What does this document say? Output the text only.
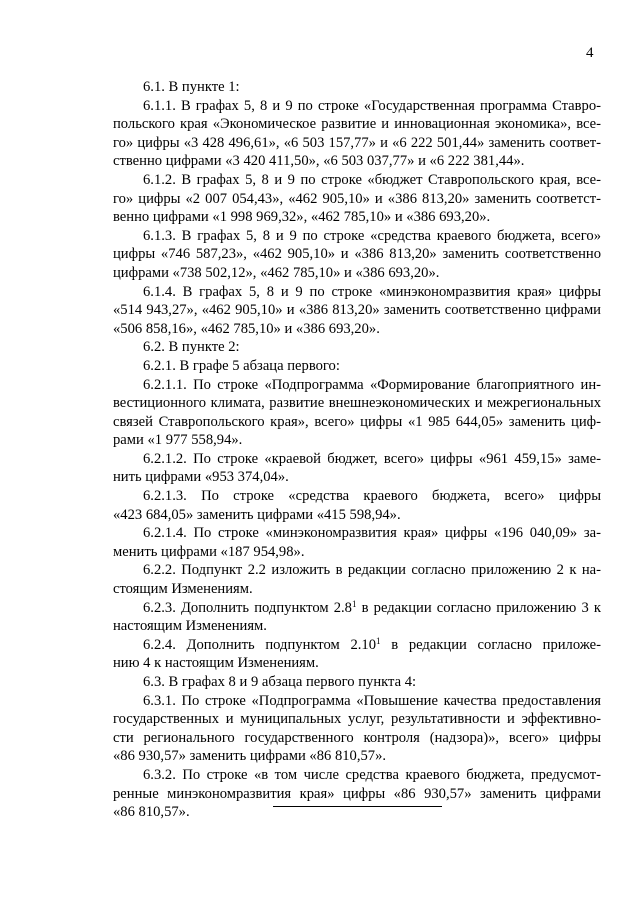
4
6.1. В пункте 1:
6.1.1. В графах 5, 8 и 9 по строке «Государственная программа Ставро-
польского края «Экономическое развитие и инновационная экономика», все-
го» цифры «3 428 496,61», «6 503 157,77» и «6 222 501,44» заменить соответ-
ственно цифрами «3 420 411,50», «6 503 037,77» и «6 222 381,44».
6.1.2. В графах 5, 8 и 9 по строке «бюджет Ставропольского края, все-
го» цифры «2 007 054,43», «462 905,10» и «386 813,20» заменить соответст-
венно цифрами «1 998 969,32», «462 785,10» и «386 693,20».
6.1.3. В графах 5, 8 и 9 по строке «средства краевого бюджета, всего»
цифры «746 587,23», «462 905,10» и «386 813,20» заменить соответственно
цифрами «738 502,12», «462 785,10» и «386 693,20».
6.1.4. В графах 5, 8 и 9 по строке «минэкономразвития края» цифры
«514 943,27», «462 905,10» и «386 813,20» заменить соответственно цифрами
«506 858,16», «462 785,10» и «386 693,20».
6.2. В пункте 2:
6.2.1. В графе 5 абзаца первого:
6.2.1.1. По строке «Подпрограмма «Формирование благоприятного ин-
вестиционного климата, развитие внешнеэкономических и межрегиональных
связей Ставропольского края», всего» цифры «1 985 644,05» заменить циф-
рами «1 977 558,94».
6.2.1.2. По строке «краевой бюджет, всего» цифры «961 459,15» заме-
нить цифрами «953 374,04».
6.2.1.3. По строке «средства краевого бюджета, всего» цифры
«423 684,05» заменить цифрами «415 598,94».
6.2.1.4. По строке «минэкономразвития края» цифры «196 040,09» за-
менить цифрами «187 954,98».
6.2.2. Подпункт 2.2 изложить в редакции согласно приложению 2 к на-
стоящим Изменениям.
6.2.3. Дополнить подпунктом $2.8^1$ в редакции согласно приложению 3 к
настоящим Изменениям.
6.2.4. Дополнить подпунктом 2.10$^1$ в редакции согласно приложе-
нию 4 к настоящим Изменениям.
6.3. В графах 8 и 9 абзаца первого пункта 4:
6.3.1. По строке «Подпрограмма «Повышение качества предоставления
государственных и муниципальных услуг, результативности и эффективно-
сти регионального государственного контроля (надзора)», всего» цифры
«86 930,57» заменить цифрами «86 810,57».
6.3.2. По строке «в том числе средства краевого бюджета, предусмот-
ренные минэкономразвития края» цифры «86 930,57» заменить цифрами
«86 810,57».
